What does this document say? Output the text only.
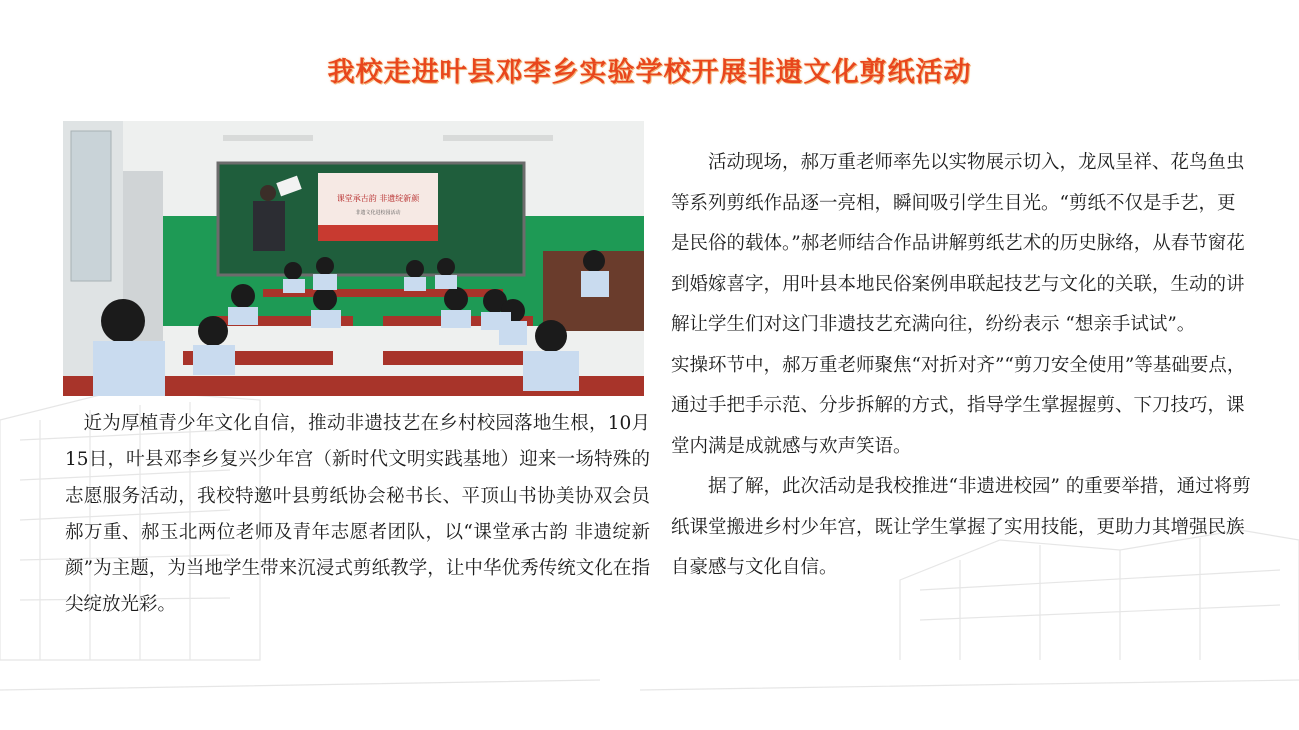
我校走进叶县邓李乡实验学校开展非遗文化剪纸活动
课堂承古韵 非遗绽新颜
非遗文化进校园活动

近为厚植青少年文化自信，推动非遗技艺在乡村校园落地生根，10月15日，叶县邓李乡复兴少年宫（新时代文明实践基地）迎来一场特殊的志愿服务活动，我校特邀叶县剪纸协会秘书长、平顶山书协美协双会员郝万重、郝玉北两位老师及青年志愿者团队，以“课堂承古韵 非遗绽新颜”为主题，为当地学生带来沉浸式剪纸教学，让中华优秀传统文化在指尖绽放光彩。

活动现场，郝万重老师率先以实物展示切入，龙凤呈祥、花鸟鱼虫等系列剪纸作品逐一亮相，瞬间吸引学生目光。“剪纸不仅是手艺，更是民俗的载体。”郝老师结合作品讲解剪纸艺术的历史脉络，从春节窗花到婚嫁喜字，用叶县本地民俗案例串联起技艺与文化的关联，生动的讲解让学生们对这门非遗技艺充满向往，纷纷表示 “想亲手试试”。

实操环节中，郝万重老师聚焦“对折对齐”“剪刀安全使用”等基础要点，通过手把手示范、分步拆解的方式，指导学生掌握握剪、下刀技巧，课堂内满是成就感与欢声笑语。

据了解，此次活动是我校推进“非遗进校园” 的重要举措，通过将剪纸课堂搬进乡村少年宫，既让学生掌握了实用技能，更助力其增强民族自豪感与文化自信。
